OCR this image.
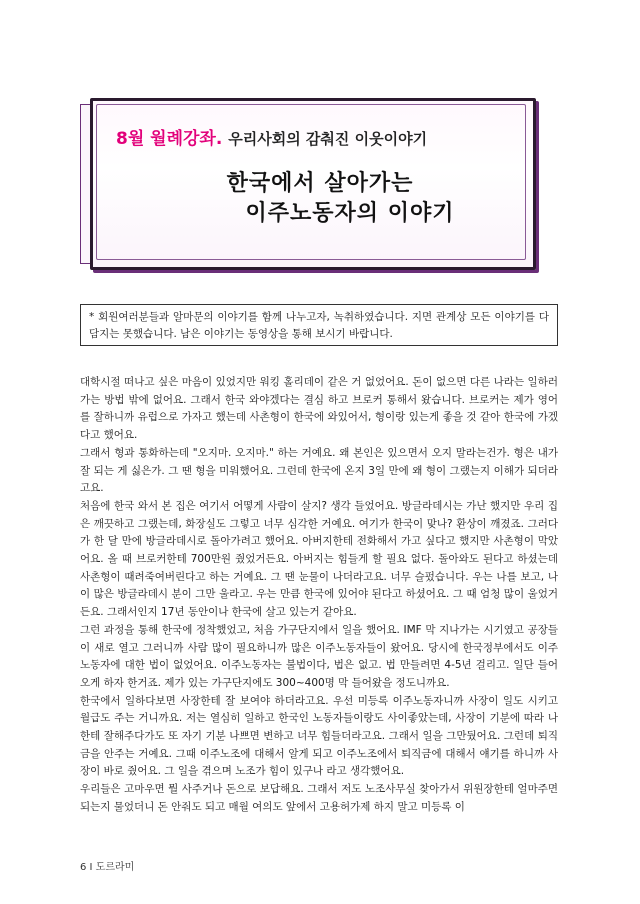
8월 월례강좌. 우리사회의 감춰진 이웃이야기
한국에서 살아가는
이주노동자의 이야기
* 회원여러분들과 알마문의 이야기를 함께 나누고자, 녹취하였습니다. 지면 관계상 모든 이야기를 다 담지는 못했습니다. 남은 이야기는 동영상을 통해 보시기 바랍니다.

대학시절 떠나고 싶은 마음이 있었지만 워킹 홀리데이 같은 거 없었어요. 돈이 없으면 다른 나라는 일하러 가는 방법 밖에 없어요. 그래서 한국 와야겠다는 결심 하고 브로커 통해서 왔습니다. 브로커는 제가 영어를 잘하니까 유럽으로 가자고 했는데 사촌형이 한국에 와있어서, 형이랑 있는게 좋을 것 같아 한국에 가겠다고 했어요.

그래서 형과 통화하는데 "오지마. 오지마." 하는 거예요. 왜 본인은 있으면서 오지 말라는건가. 형은 내가 잘 되는 게 싫은가. 그 땐 형을 미워했어요. 그런데 한국에 온지 3일 만에 왜 형이 그랬는지 이해가 되더라고요.

처음에 한국 와서 본 집은 여기서 어떻게 사람이 살지? 생각 들었어요. 방글라데시는 가난 했지만 우리 집은 깨끗하고 그랬는데, 화장실도 그렇고 너무 심각한 거예요. 여기가 한국이 맞나? 환상이 깨졌죠. 그러다가 한 달 만에 방글라데시로 돌아가려고 했어요. 아버지한테 전화해서 가고 싶다고 했지만 사촌형이 막았어요. 올 때 브로커한테 700만원 줬었거든요. 아버지는 힘들게 할 필요 없다. 돌아와도 된다고 하셨는데 사촌형이 때려죽여버린다고 하는 거예요. 그 땐 눈물이 나더라고요. 너무 슬펐습니다. 우는 나를 보고, 나이 많은 방글라데시 분이 그만 울라고. 우는 만큼 한국에 있어야 된다고 하셨어요. 그 때 엄청 많이 울었거든요. 그래서인지 17년 동안이나 한국에 살고 있는거 같아요.

그런 과정을 통해 한국에 정착했었고, 처음 가구단지에서 일을 했어요. IMF 막 지나가는 시기였고 공장들이 새로 열고 그러니까 사람 많이 필요하니까 많은 이주노동자들이 왔어요. 당시에 한국정부에서도 이주노동자에 대한 법이 없었어요. 이주노동자는 불법이다, 법은 없고. 법 만들려면 4-5년 걸리고. 일단 들어오게 하자 한거죠. 제가 있는 가구단지에도 300~400명 막 들어왔을 정도니까요.

한국에서 일하다보면 사장한테 잘 보여야 하더라고요. 우선 미등록 이주노동자니까 사장이 일도 시키고 월급도 주는 거니까요. 저는 열심히 일하고 한국인 노동자들이랑도 사이좋았는데, 사장이 기분에 따라 나한테 잘해주다가도 또 자기 기분 나쁘면 변하고 너무 힘들더라고요. 그래서 일을 그만뒀어요. 그런데 퇴직금을 안주는 거예요. 그때 이주노조에 대해서 알게 되고 이주노조에서 퇴직금에 대해서 얘기를 하니까 사장이 바로 줬어요. 그 일을 겪으며 노조가 힘이 있구나 라고 생각했어요.

우리들은 고마우면 뭘 사주거나 돈으로 보답해요. 그래서 저도 노조사무실 찾아가서 위원장한테 얼마주면 되는지 물었더니 돈 안줘도 되고 매월 여의도 앞에서 고용허가제 하지 말고 미등록 이

6 I 도르라미
